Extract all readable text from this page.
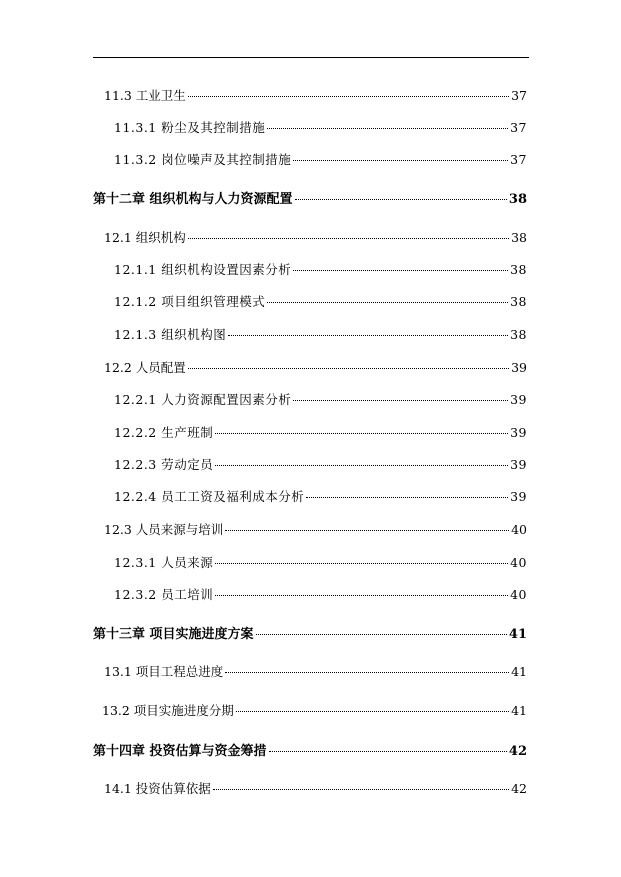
11.3 工业卫生	37
11.3.1 粉尘及其控制措施	37
11.3.2 岗位噪声及其控制措施	37
第十二章 组织机构与人力资源配置	38
12.1 组织机构	38
12.1.1 组织机构设置因素分析	38
12.1.2 项目组织管理模式	38
12.1.3 组织机构图	38
12.2 人员配置	39
12.2.1 人力资源配置因素分析	39
12.2.2 生产班制	39
12.2.3 劳动定员	39
12.2.4 员工工资及福利成本分析	39
12.3 人员来源与培训	40
12.3.1 人员来源	40
12.3.2 员工培训	40
第十三章 项目实施进度方案	41
13.1 项目工程总进度	41
13.2 项目实施进度分期	41
第十四章 投资估算与资金筹措	42
14.1 投资估算依据	42
